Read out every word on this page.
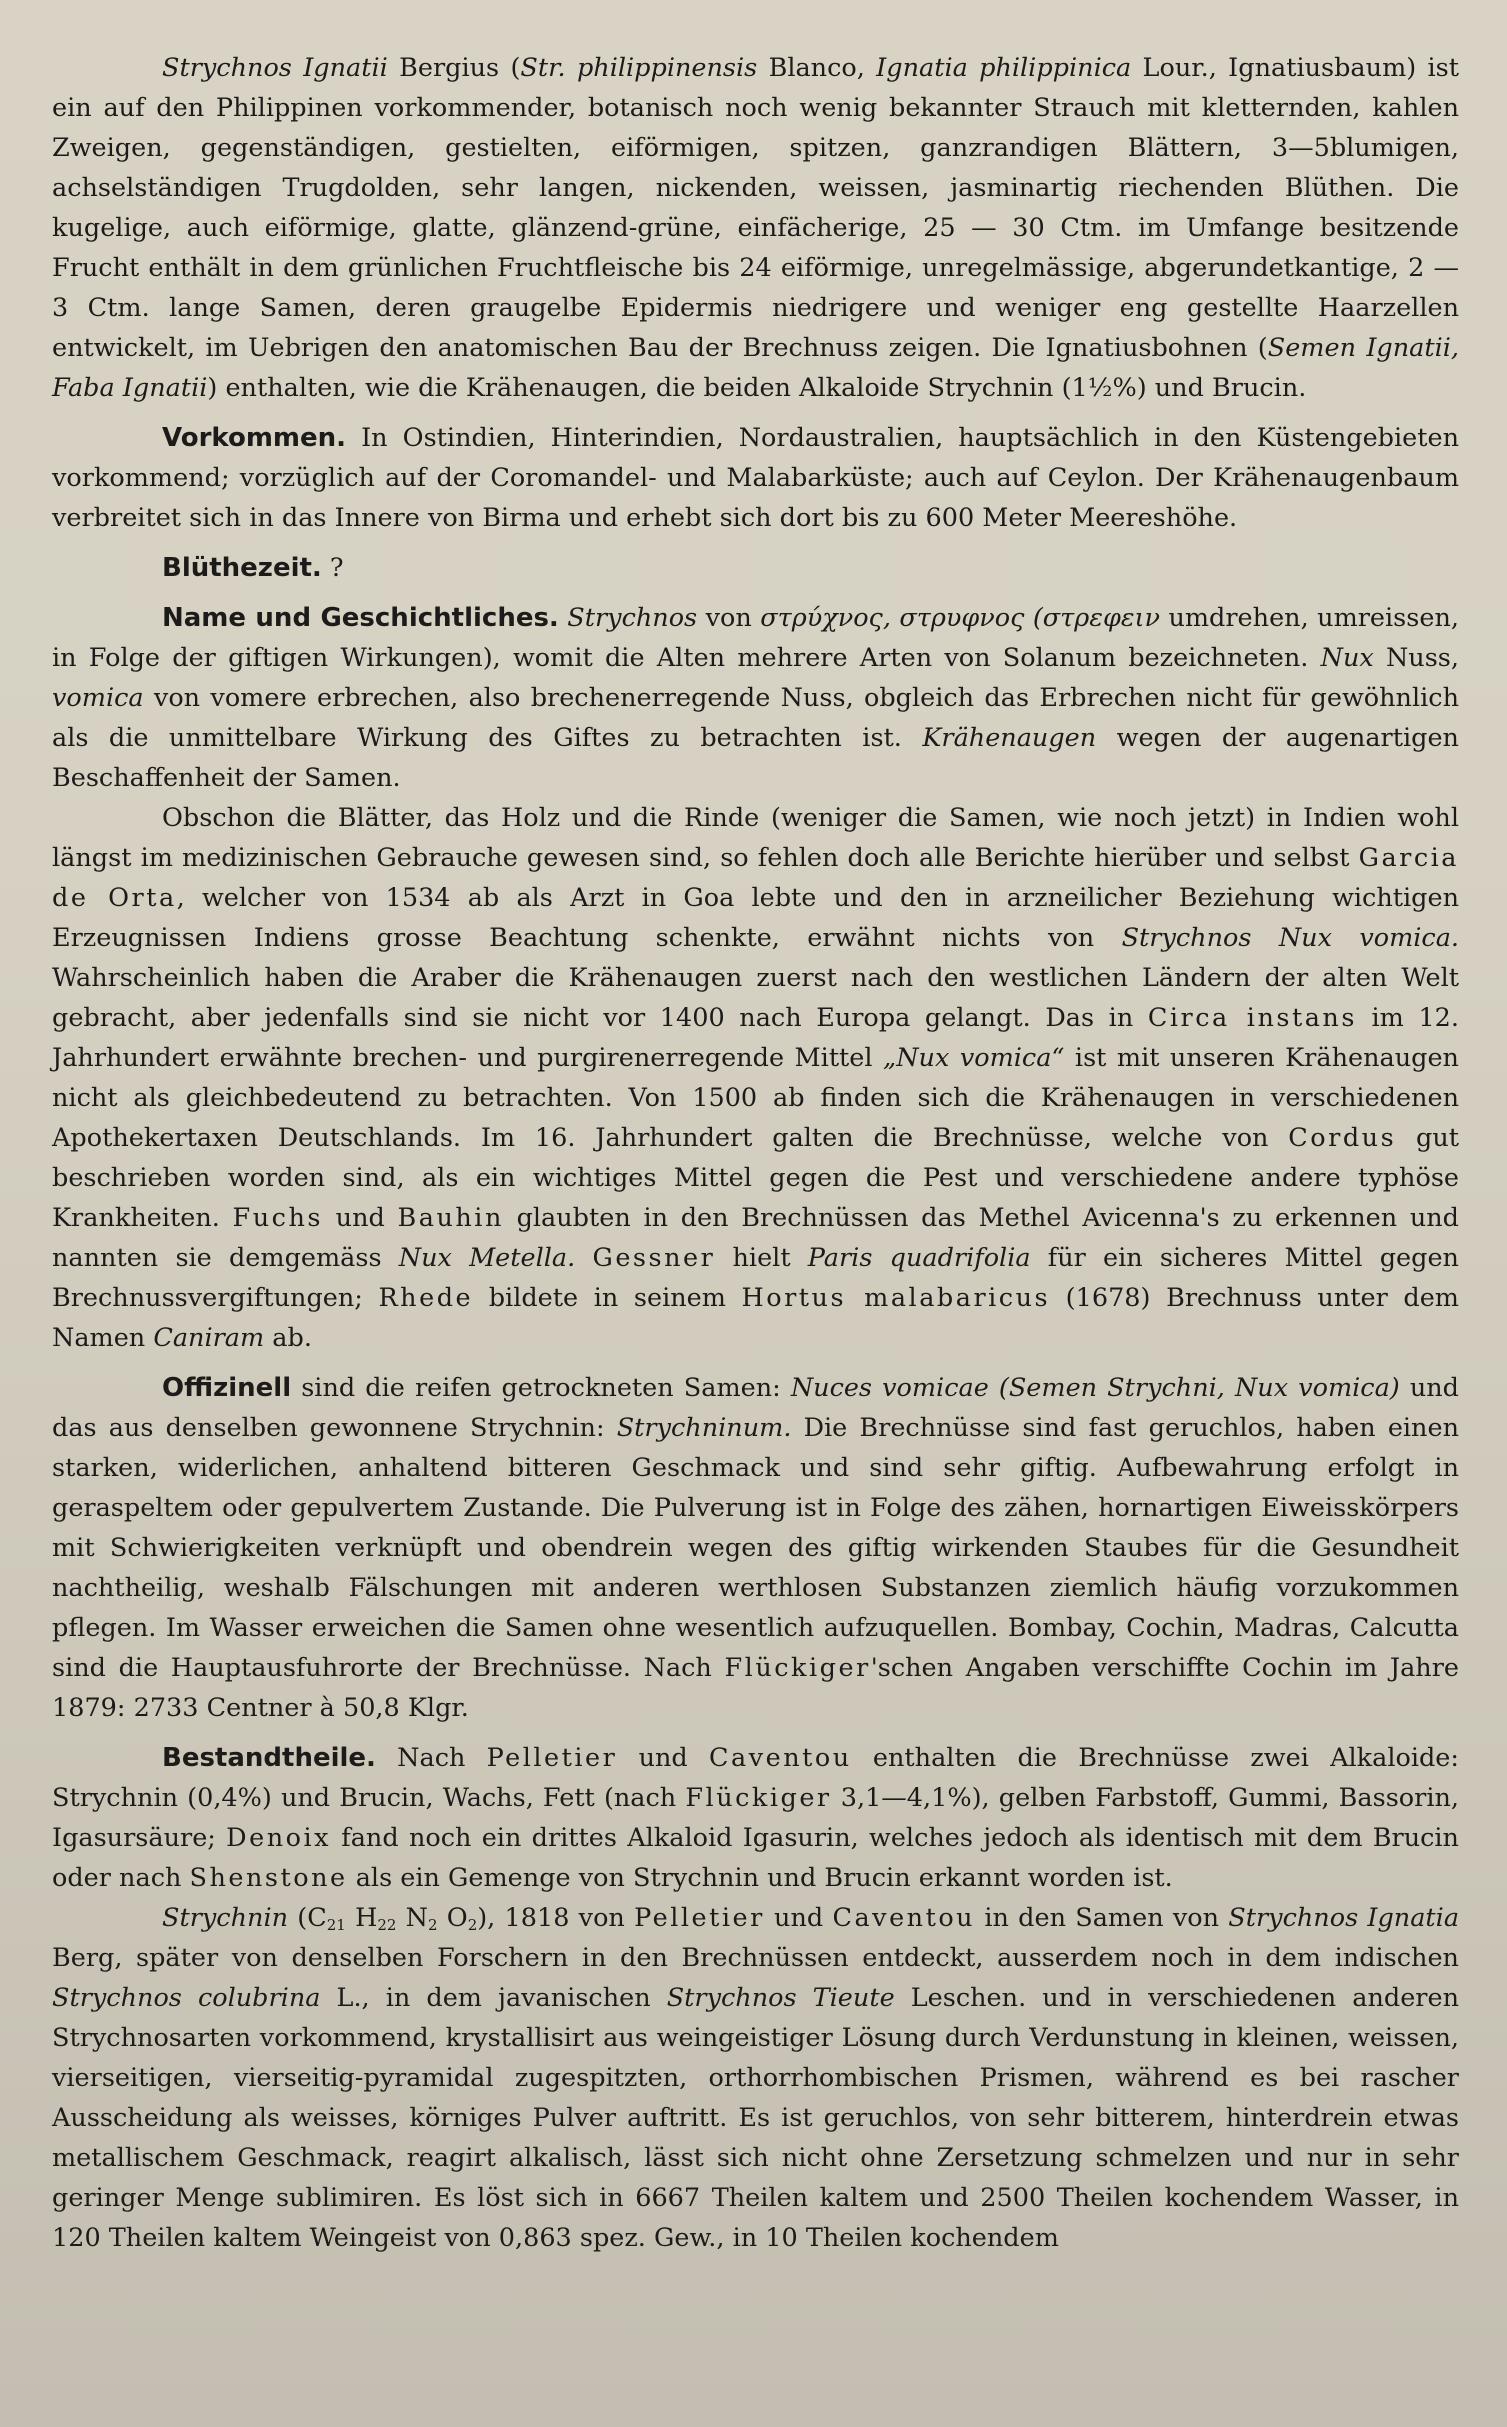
Strychnos Ignatii Bergius (Str. philippinensis Blanco, Ignatia philippinica Lour., Ignatiusbaum) ist ein auf den Philippinen vorkommender, botanisch noch wenig bekannter Strauch mit kletternden, kahlen Zweigen, gegenständigen, gestielten, eiförmigen, spitzen, ganzrandigen Blättern, 3—5blumigen, achselständigen Trugdolden, sehr langen, nickenden, weissen, jasminartig riechenden Blüthen. Die kugelige, auch eiförmige, glatte, glänzend-grüne, einfächerige, 25 — 30 Ctm. im Umfange besitzende Frucht enthält in dem grünlichen Fruchtfleische bis 24 eiförmige, unregelmässige, abgerundetkantige, 2 — 3 Ctm. lange Samen, deren graugelbe Epidermis niedrigere und weniger eng gestellte Haarzellen entwickelt, im Uebrigen den anatomischen Bau der Brechnuss zeigen. Die Ignatiusbohnen (Semen Ignatii, Faba Ignatii) enthalten, wie die Krähenaugen, die beiden Alkaloide Strychnin (1½%) und Brucin.

Vorkommen. In Ostindien, Hinterindien, Nordaustralien, hauptsächlich in den Küstengebieten vorkommend; vorzüglich auf der Coromandel- und Malabarküste; auch auf Ceylon. Der Krähenaugenbaum verbreitet sich in das Innere von Birma und erhebt sich dort bis zu 600 Meter Meereshöhe.

Blüthezeit. ?

Name und Geschichtliches. Strychnos von στρύχνος, στρυφνος (στρεφειν umdrehen, umreissen, in Folge der giftigen Wirkungen), womit die Alten mehrere Arten von Solanum bezeichneten. Nux Nuss, vomica von vomere erbrechen, also brechenerregende Nuss, obgleich das Erbrechen nicht für gewöhnlich als die unmittelbare Wirkung des Giftes zu betrachten ist. Krähenaugen wegen der augenartigen Beschaffenheit der Samen.

Obschon die Blätter, das Holz und die Rinde (weniger die Samen, wie noch jetzt) in Indien wohl längst im medizinischen Gebrauche gewesen sind, so fehlen doch alle Berichte hierüber und selbst Garcia de Orta, welcher von 1534 ab als Arzt in Goa lebte und den in arzneilicher Beziehung wichtigen Erzeugnissen Indiens grosse Beachtung schenkte, erwähnt nichts von Strychnos Nux vomica. Wahrscheinlich haben die Araber die Krähenaugen zuerst nach den westlichen Ländern der alten Welt gebracht, aber jedenfalls sind sie nicht vor 1400 nach Europa gelangt. Das in Circa instans im 12. Jahrhundert erwähnte brechen- und purgirenerregende Mittel „Nux vomica“ ist mit unseren Krähenaugen nicht als gleichbedeutend zu betrachten. Von 1500 ab finden sich die Krähenaugen in verschiedenen Apothekertaxen Deutschlands. Im 16. Jahrhundert galten die Brechnüsse, welche von Cordus gut beschrieben worden sind, als ein wichtiges Mittel gegen die Pest und verschiedene andere typhöse Krankheiten. Fuchs und Bauhin glaubten in den Brechnüssen das Methel Avicenna's zu erkennen und nannten sie demgemäss Nux Metella. Gessner hielt Paris quadrifolia für ein sicheres Mittel gegen Brechnussvergiftungen; Rhede bildete in seinem Hortus malabaricus (1678) Brechnuss unter dem Namen Caniram ab.

Offizinell sind die reifen getrockneten Samen: Nuces vomicae (Semen Strychni, Nux vomica) und das aus denselben gewonnene Strychnin: Strychninum. Die Brechnüsse sind fast geruchlos, haben einen starken, widerlichen, anhaltend bitteren Geschmack und sind sehr giftig. Aufbewahrung erfolgt in geraspeltem oder gepulvertem Zustande. Die Pulverung ist in Folge des zähen, hornartigen Eiweisskörpers mit Schwierigkeiten verknüpft und obendrein wegen des giftig wirkenden Staubes für die Gesundheit nachtheilig, weshalb Fälschungen mit anderen werthlosen Substanzen ziemlich häufig vorzukommen pflegen. Im Wasser erweichen die Samen ohne wesentlich aufzuquellen. Bombay, Cochin, Madras, Calcutta sind die Hauptausfuhrorte der Brechnüsse. Nach Flückiger'schen Angaben verschiffte Cochin im Jahre 1879: 2733 Centner à 50,8 Klgr.

Bestandtheile. Nach Pelletier und Caventou enthalten die Brechnüsse zwei Alkaloide: Strychnin (0,4%) und Brucin, Wachs, Fett (nach Flückiger 3,1—4,1%), gelben Farbstoff, Gummi, Bassorin, Igasursäure; Denoix fand noch ein drittes Alkaloid Igasurin, welches jedoch als identisch mit dem Brucin oder nach Shenstone als ein Gemenge von Strychnin und Brucin erkannt worden ist.

Strychnin ($C_{21}$ $H_{22}$ $N_2$ $O_2$), 1818 von Pelletier und Caventou in den Samen von Strychnos Ignatia Berg, später von denselben Forschern in den Brechnüssen entdeckt, ausserdem noch in dem indischen Strychnos colubrina L., in dem javanischen Strychnos Tieute Leschen. und in verschiedenen anderen Strychnosarten vorkommend, krystallisirt aus weingeistiger Lösung durch Verdunstung in kleinen, weissen, vierseitigen, vierseitig-pyramidal zugespitzten, orthorrhombischen Prismen, während es bei rascher Ausscheidung als weisses, körniges Pulver auftritt. Es ist geruchlos, von sehr bitterem, hinterdrein etwas metallischem Geschmack, reagirt alkalisch, lässt sich nicht ohne Zersetzung schmelzen und nur in sehr geringer Menge sublimiren. Es löst sich in 6667 Theilen kaltem und 2500 Theilen kochendem Wasser, in 120 Theilen kaltem Weingeist von 0,863 spez. Gew., in 10 Theilen kochendem
